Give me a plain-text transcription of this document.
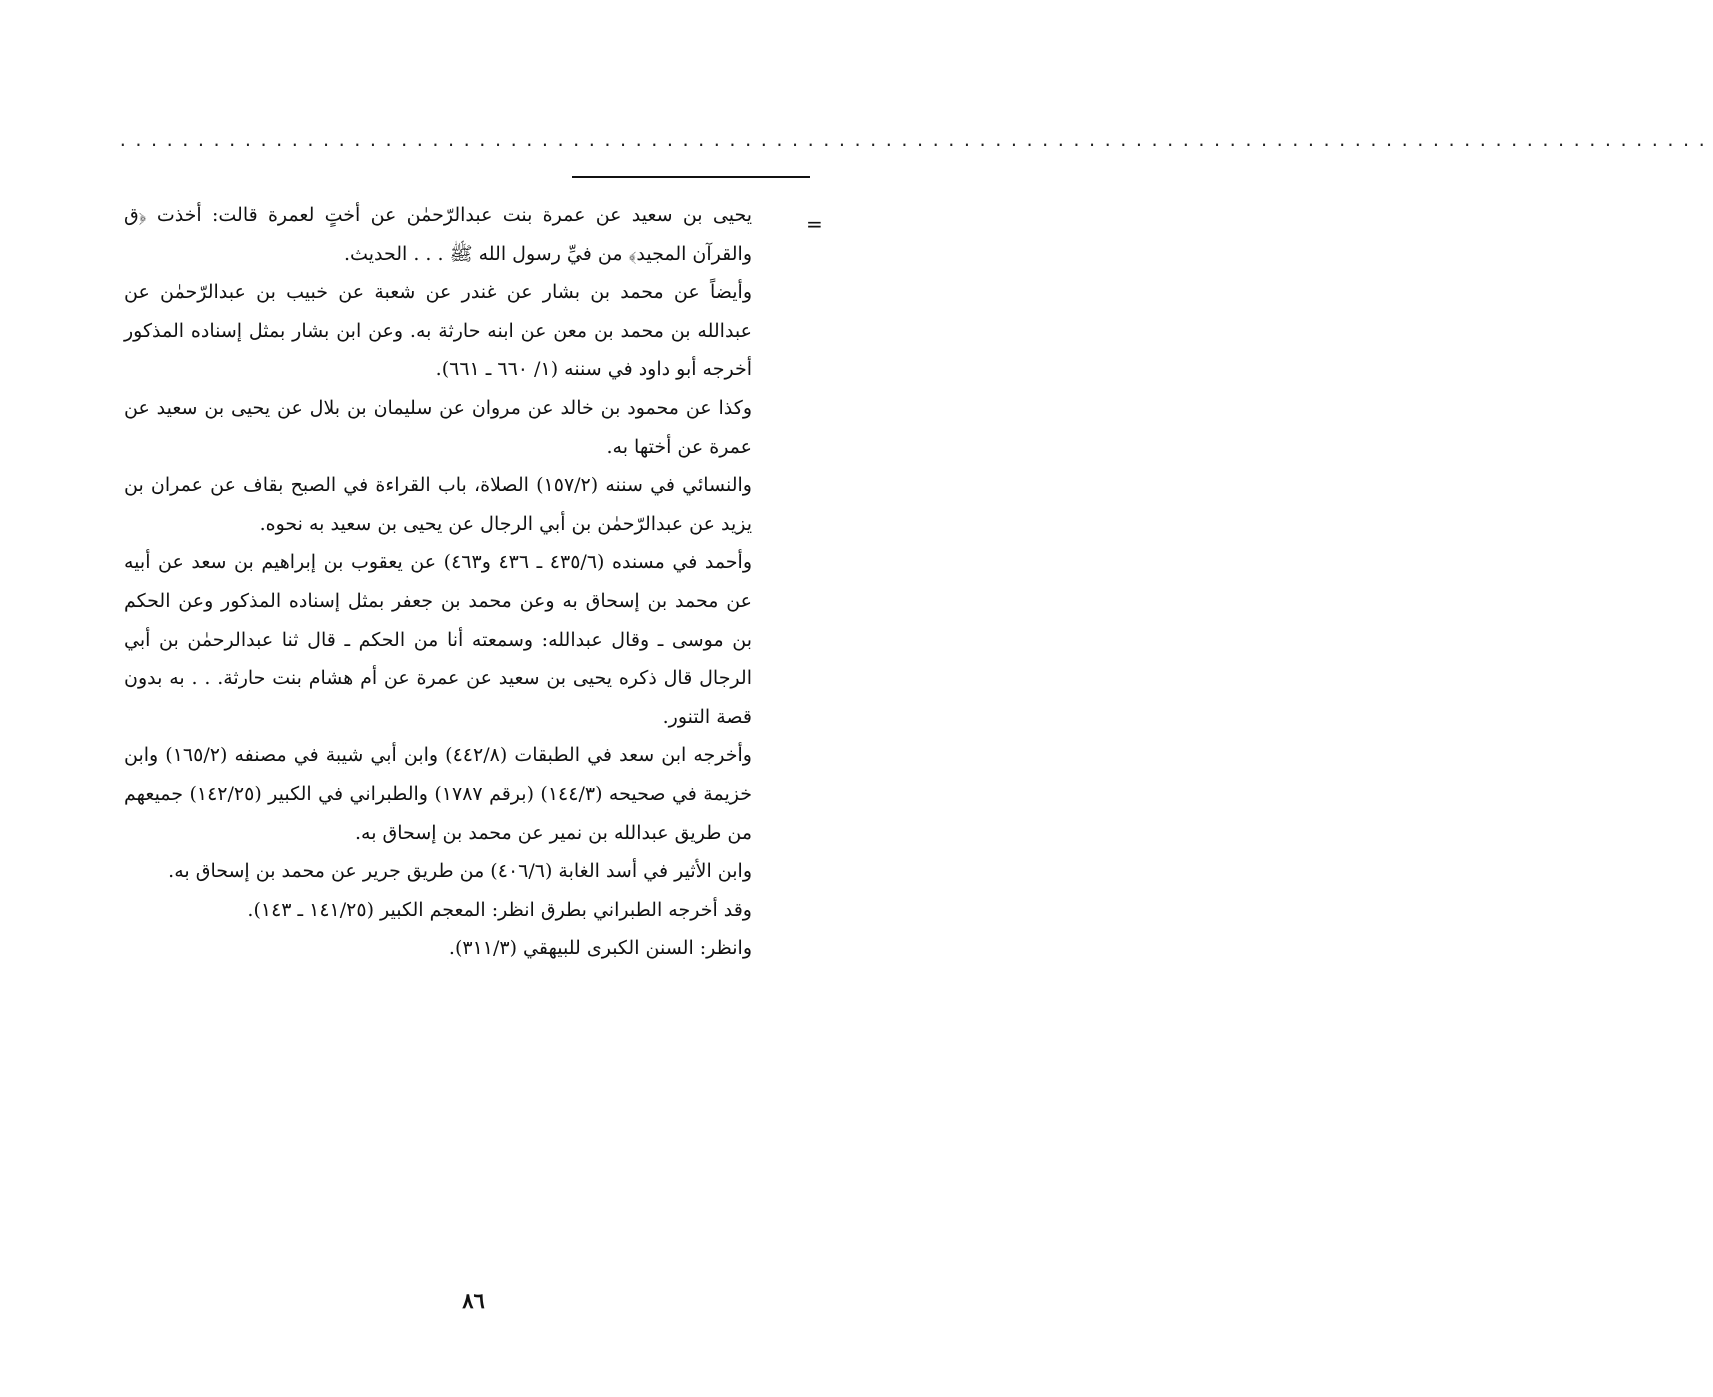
......................................................................................................
=

يحيى بن سعيد عن عمرة بنت عبدالرّحمٰن عن أختٍ لعمرة قالت: أخذت ﴿ق والقرآن المجيد﴾ من فيِّ رسول الله ﷺ . . . الحديث.

وأيضاً عن محمد بن بشار عن غندر عن شعبة عن خبيب بن عبدالرّحمٰن عن عبدالله بن محمد بن معن عن ابنه حارثة به. وعن ابن بشار بمثل إسناده المذكور أخرجه أبو داود في سننه (١/ ٦٦٠ ـ ٦٦١).

وكذا عن محمود بن خالد عن مروان عن سليمان بن بلال عن يحيى بن سعيد عن عمرة عن أختها به.

والنسائي في سننه (١٥٧/٢) الصلاة، باب القراءة في الصبح بقاف عن عمران بن يزيد عن عبدالرّحمٰن بن أبي الرجال عن يحيى بن سعيد به نحوه.

وأحمد في مسنده (٤٣٥/٦ ـ ٤٣٦ و٤٦٣) عن يعقوب بن إبراهيم بن سعد عن أبيه عن محمد بن إسحاق به وعن محمد بن جعفر بمثل إسناده المذكور وعن الحكم بن موسى ـ وقال عبدالله: وسمعته أنا من الحكم ـ قال ثنا عبدالرحمٰن بن أبي الرجال قال ذكره يحيى بن سعيد عن عمرة عن أم هشام بنت حارثة. . . به بدون قصة التنور.

وأخرجه ابن سعد في الطبقات (٤٤٢/٨) وابن أبي شيبة في مصنفه (١٦٥/٢) وابن خزيمة في صحيحه (١٤٤/٣) (برقم ١٧٨٧) والطبراني في الكبير (١٤٢/٢٥) جميعهم من طريق عبدالله بن نمير عن محمد بن إسحاق به.

وابن الأثير في أسد الغابة (٤٠٦/٦) من طريق جرير عن محمد بن إسحاق به.

وقد أخرجه الطبراني بطرق انظر: المعجم الكبير (١٤١/٢٥ ـ ١٤٣).

وانظر: السنن الكبرى للبيهقي (٣١١/٣).

٨٦
